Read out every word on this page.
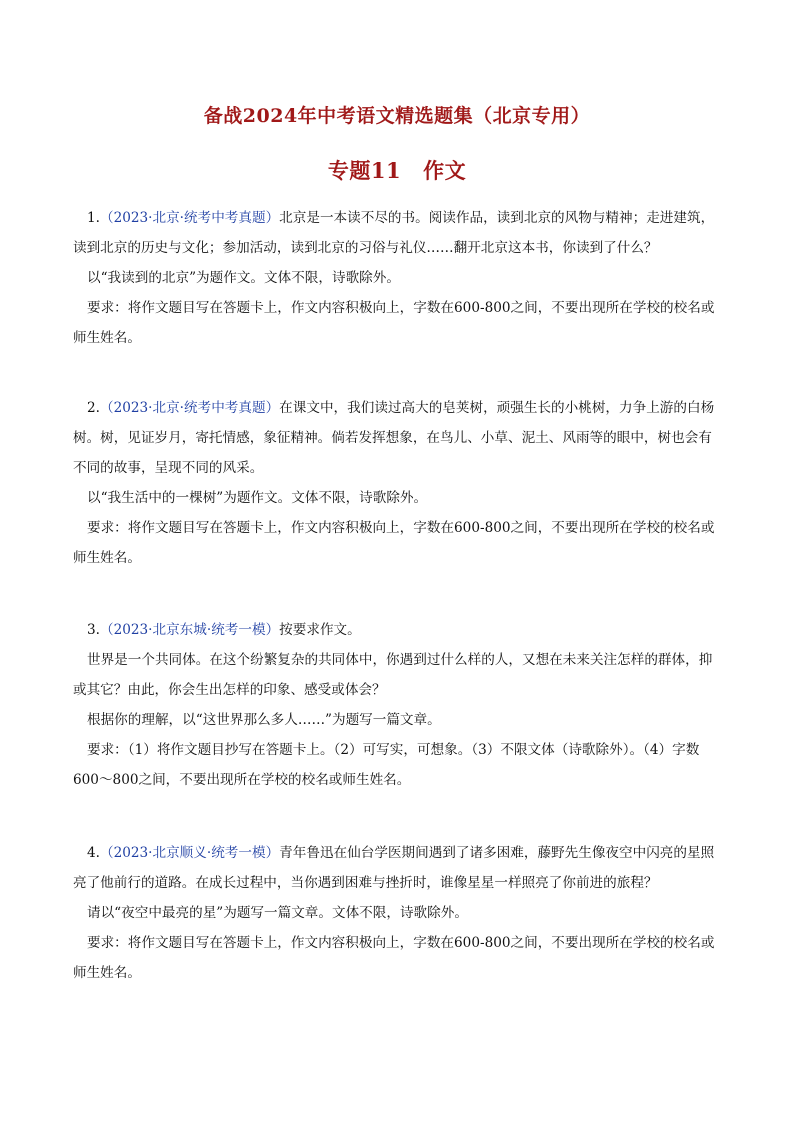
备战2024年中考语文精选题集（北京专用）
专题11 作文

1.（2023·北京·统考中考真题）北京是一本读不尽的书。阅读作品，读到北京的风物与精神；走进建筑，读到北京的历史与文化；参加活动，读到北京的习俗与礼仪……翻开北京这本书，你读到了什么？

以“我读到的北京”为题作文。文体不限，诗歌除外。

要求：将作文题目写在答题卡上，作文内容积极向上，字数在600-800之间，不要出现所在学校的校名或师生姓名。

2.（2023·北京·统考中考真题）在课文中，我们读过高大的皂荚树，顽强生长的小桃树，力争上游的白杨树。树，见证岁月，寄托情感，象征精神。倘若发挥想象，在鸟儿、小草、泥土、风雨等的眼中，树也会有不同的故事，呈现不同的风采。

以“我生活中的一棵树”为题作文。文体不限，诗歌除外。

要求：将作文题目写在答题卡上，作文内容积极向上，字数在600-800之间，不要出现所在学校的校名或师生姓名。

3.（2023·北京东城·统考一模）按要求作文。

世界是一个共同体。在这个纷繁复杂的共同体中，你遇到过什么样的人，又想在未来关注怎样的群体，抑或其它？由此，你会生出怎样的印象、感受或体会？

根据你的理解，以“这世界那么多人……”为题写一篇文章。

要求：（1）将作文题目抄写在答题卡上。（2）可写实，可想象。（3）不限文体（诗歌除外）。（4）字数600～800之间，不要出现所在学校的校名或师生姓名。

4.（2023·北京顺义·统考一模）青年鲁迅在仙台学医期间遇到了诸多困难，藤野先生像夜空中闪亮的星照亮了他前行的道路。在成长过程中，当你遇到困难与挫折时，谁像星星一样照亮了你前进的旅程？

请以“夜空中最亮的星”为题写一篇文章。文体不限，诗歌除外。

要求：将作文题目写在答题卡上，作文内容积极向上，字数在600-800之间，不要出现所在学校的校名或师生姓名。
